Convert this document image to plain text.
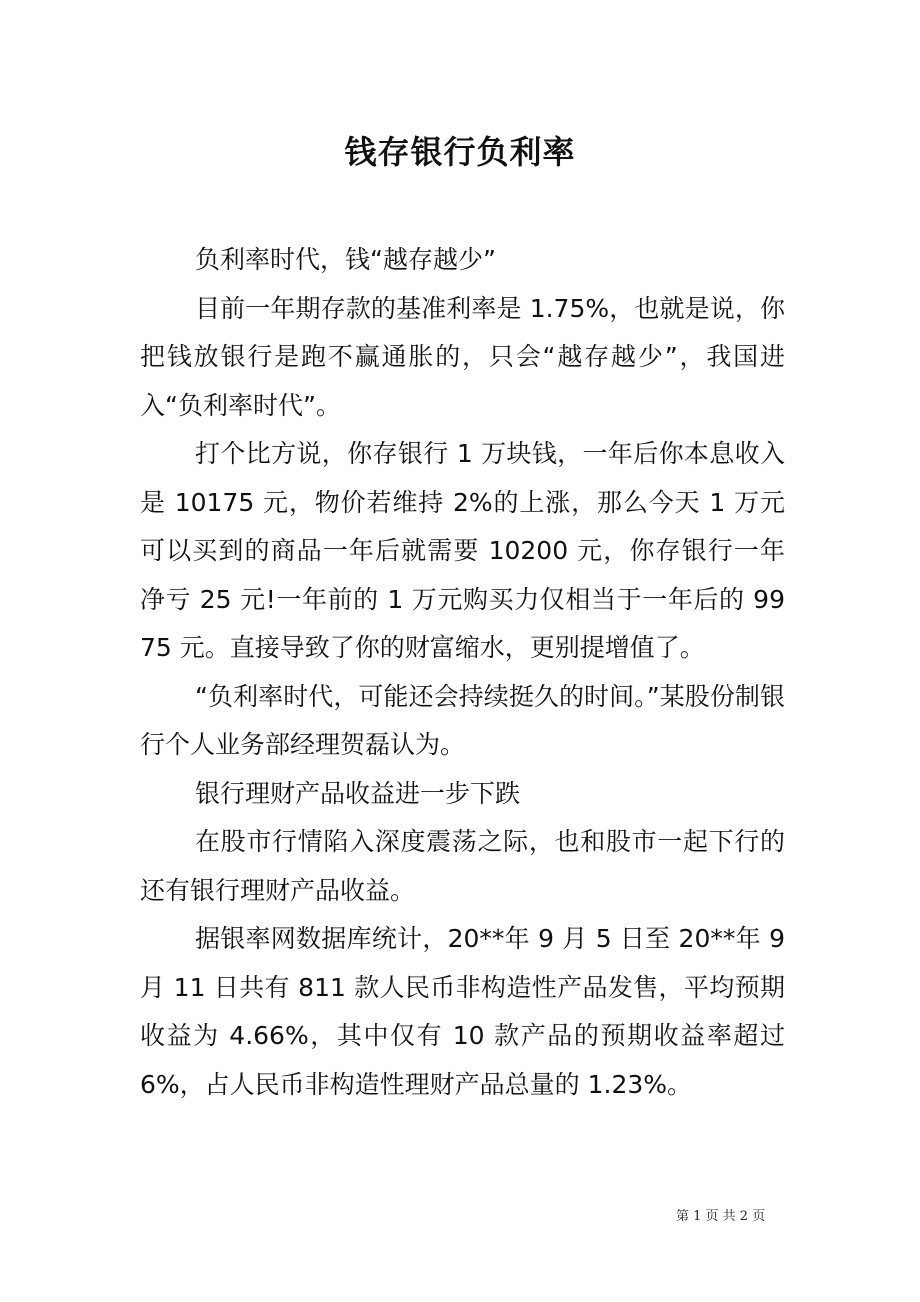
钱存银行负利率

负利率时代，钱“越存越少”

目前一年期存款的基准利率是 1.75%，也就是说，你把钱放银行是跑不赢通胀的，只会“越存越少”，我国进入“负利率时代”。

打个比方说，你存银行 1 万块钱，一年后你本息收入是 10175 元，物价若维持 2%的上涨，那么今天 1 万元可以买到的商品一年后就需要 10200 元，你存银行一年净亏 25 元!一年前的 1 万元购买力仅相当于一年后的 9975 元。直接导致了你的财富缩水，更别提增值了。

“负利率时代，可能还会持续挺久的时间。”某股份制银行个人业务部经理贺磊认为。

银行理财产品收益进一步下跌

在股市行情陷入深度震荡之际，也和股市一起下行的还有银行理财产品收益。

据银率网数据库统计，20**年 9 月 5 日至 20**年 9 月 11 日共有 811 款人民币非构造性产品发售，平均预期收益为 4.66%，其中仅有 10 款产品的预期收益率超过 6%，占人民币非构造性理财产品总量的 1.23%。

第 1 页 共 2 页
